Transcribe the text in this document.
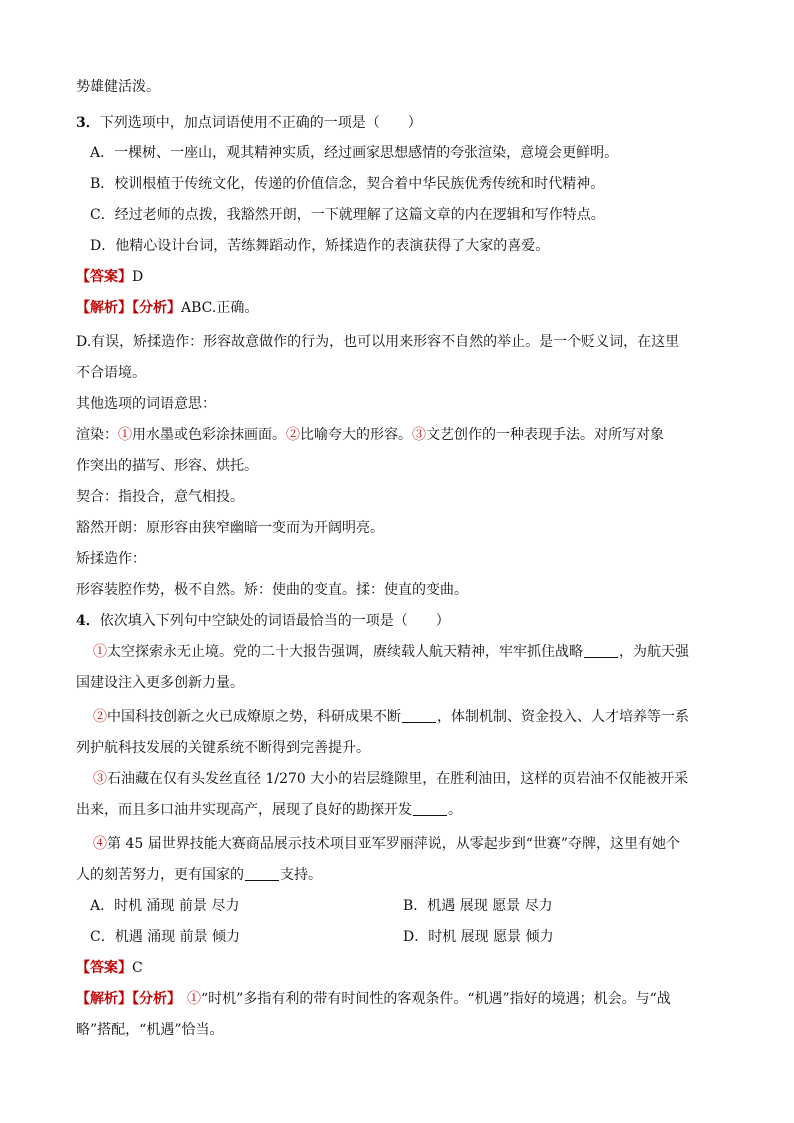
势雄健活泼。
3．下列选项中，加点词语使用不正确的一项是（　　）
A．一棵树、一座山，观其精神实质，经过画家思想感情的夸张渲染，意境会更鲜明。
B．校训根植于传统文化，传递的价值信念，契合着中华民族优秀传统和时代精神。
C．经过老师的点拨，我豁然开朗，一下就理解了这篇文章的内在逻辑和写作特点。
D．他精心设计台词，苦练舞蹈动作，矫揉造作的表演获得了大家的喜爱。
【答案】D
【解析】【分析】ABC.正确。
D.有误，矫揉造作：形容故意做作的行为，也可以用来形容不自然的举止。是一个贬义词，在这里
不合语境。
其他选项的词语意思：
渲染：①用水墨或色彩涂抹画面。②比喻夸大的形容。③文艺创作的一种表现手法。对所写对象
作突出的描写、形容、烘托。
契合：指投合，意气相投。
豁然开朗：原形容由狭窄幽暗一变而为开阔明亮。
矫揉造作：
形容装腔作势，极不自然。矫：使曲的变直。揉：使直的变曲。
4．依次填入下列句中空缺处的词语最恰当的一项是（　　）
①太空探索永无止境。党的二十大报告强调，赓续载人航天精神，牢牢抓住战略	，为航天强
国建设注入更多创新力量。
②中国科技创新之火已成燎原之势，科研成果不断	，体制机制、资金投入、人才培养等一系
列护航科技发展的关键系统不断得到完善提升。
③石油藏在仅有头发丝直径 1/270 大小的岩层缝隙里，在胜利油田，这样的页岩油不仅能被开采
出来，而且多口油井实现高产，展现了良好的勘探开发	。
④第 45 届世界技能大赛商品展示技术项目亚军罗丽萍说，从零起步到“世赛”夺牌，这里有她个
人的刻苦努力，更有国家的	支持。
A．时机 涌现 前景 尽力	B．机遇 展现 愿景 尽力
C．机遇 涌现 前景 倾力	D．时机 展现 愿景 倾力
【答案】C
【解析】【分析】 ①“时机”多指有利的带有时间性的客观条件。“机遇”指好的境遇；机会。与“战
略”搭配，“机遇”恰当。
